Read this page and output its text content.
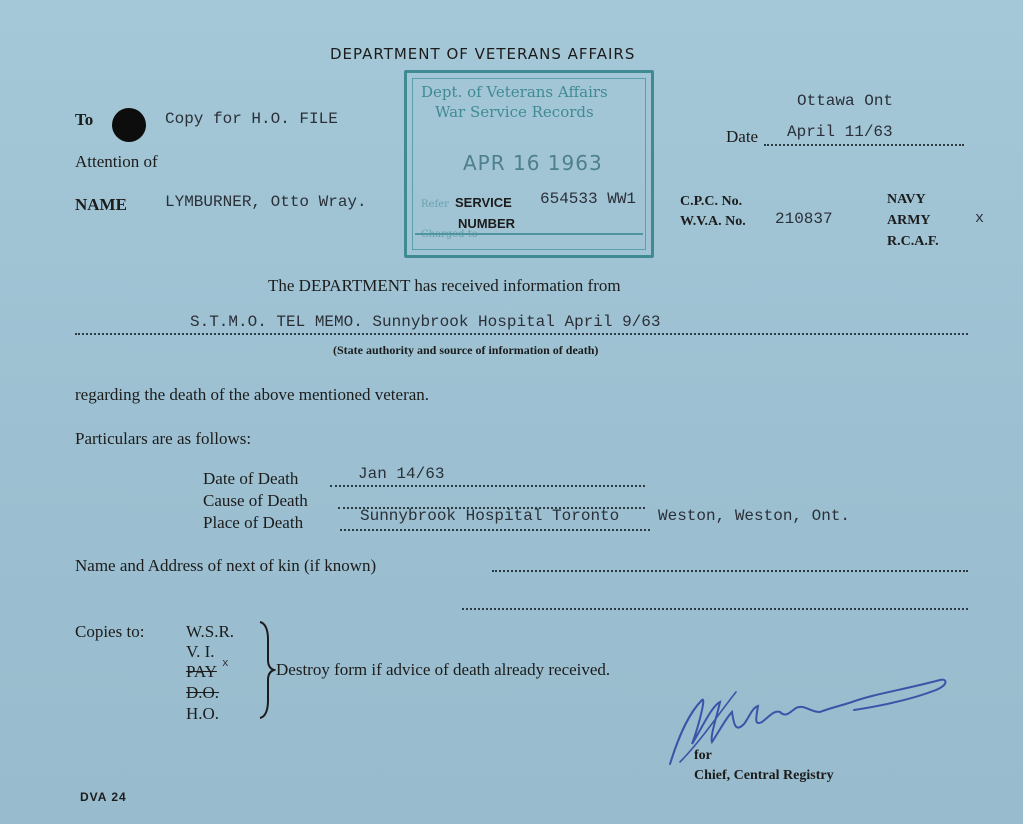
DEPARTMENT OF VETERANS AFFAIRS
Dept. of Veterans Affairs
War Service Records
APR 16 1963
Refer
To	Copy for H.O. FILE
Attention of
NAME LYMBURNER, Otto Wray.	SERVICE
NUMBER
654533 WW1
Ottawa Ont
Date April 11/63
C.P.C. No.
W.V.A. No. 210837
NAVY
ARMY
R.C.A.F.
x
The DEPARTMENT has received information from
S.T.M.O. TEL MEMO. Sunnybrook Hospital April 9/63
(State authority and source of information of death)
regarding the death of the above mentioned veteran.
Particulars are as follows:
Date of Death	Jan 14/63
Cause of Death
Place of Death	Sunnybrook Hospital Toronto Weston, Weston, Ont.
Name and Address of next of kin (if known)
Copies to: W.S.R.
V. I.
PAY x
D.O.
H.O.
Destroy form if advice of death already received.
for
Chief, Central Registry
DVA 24
